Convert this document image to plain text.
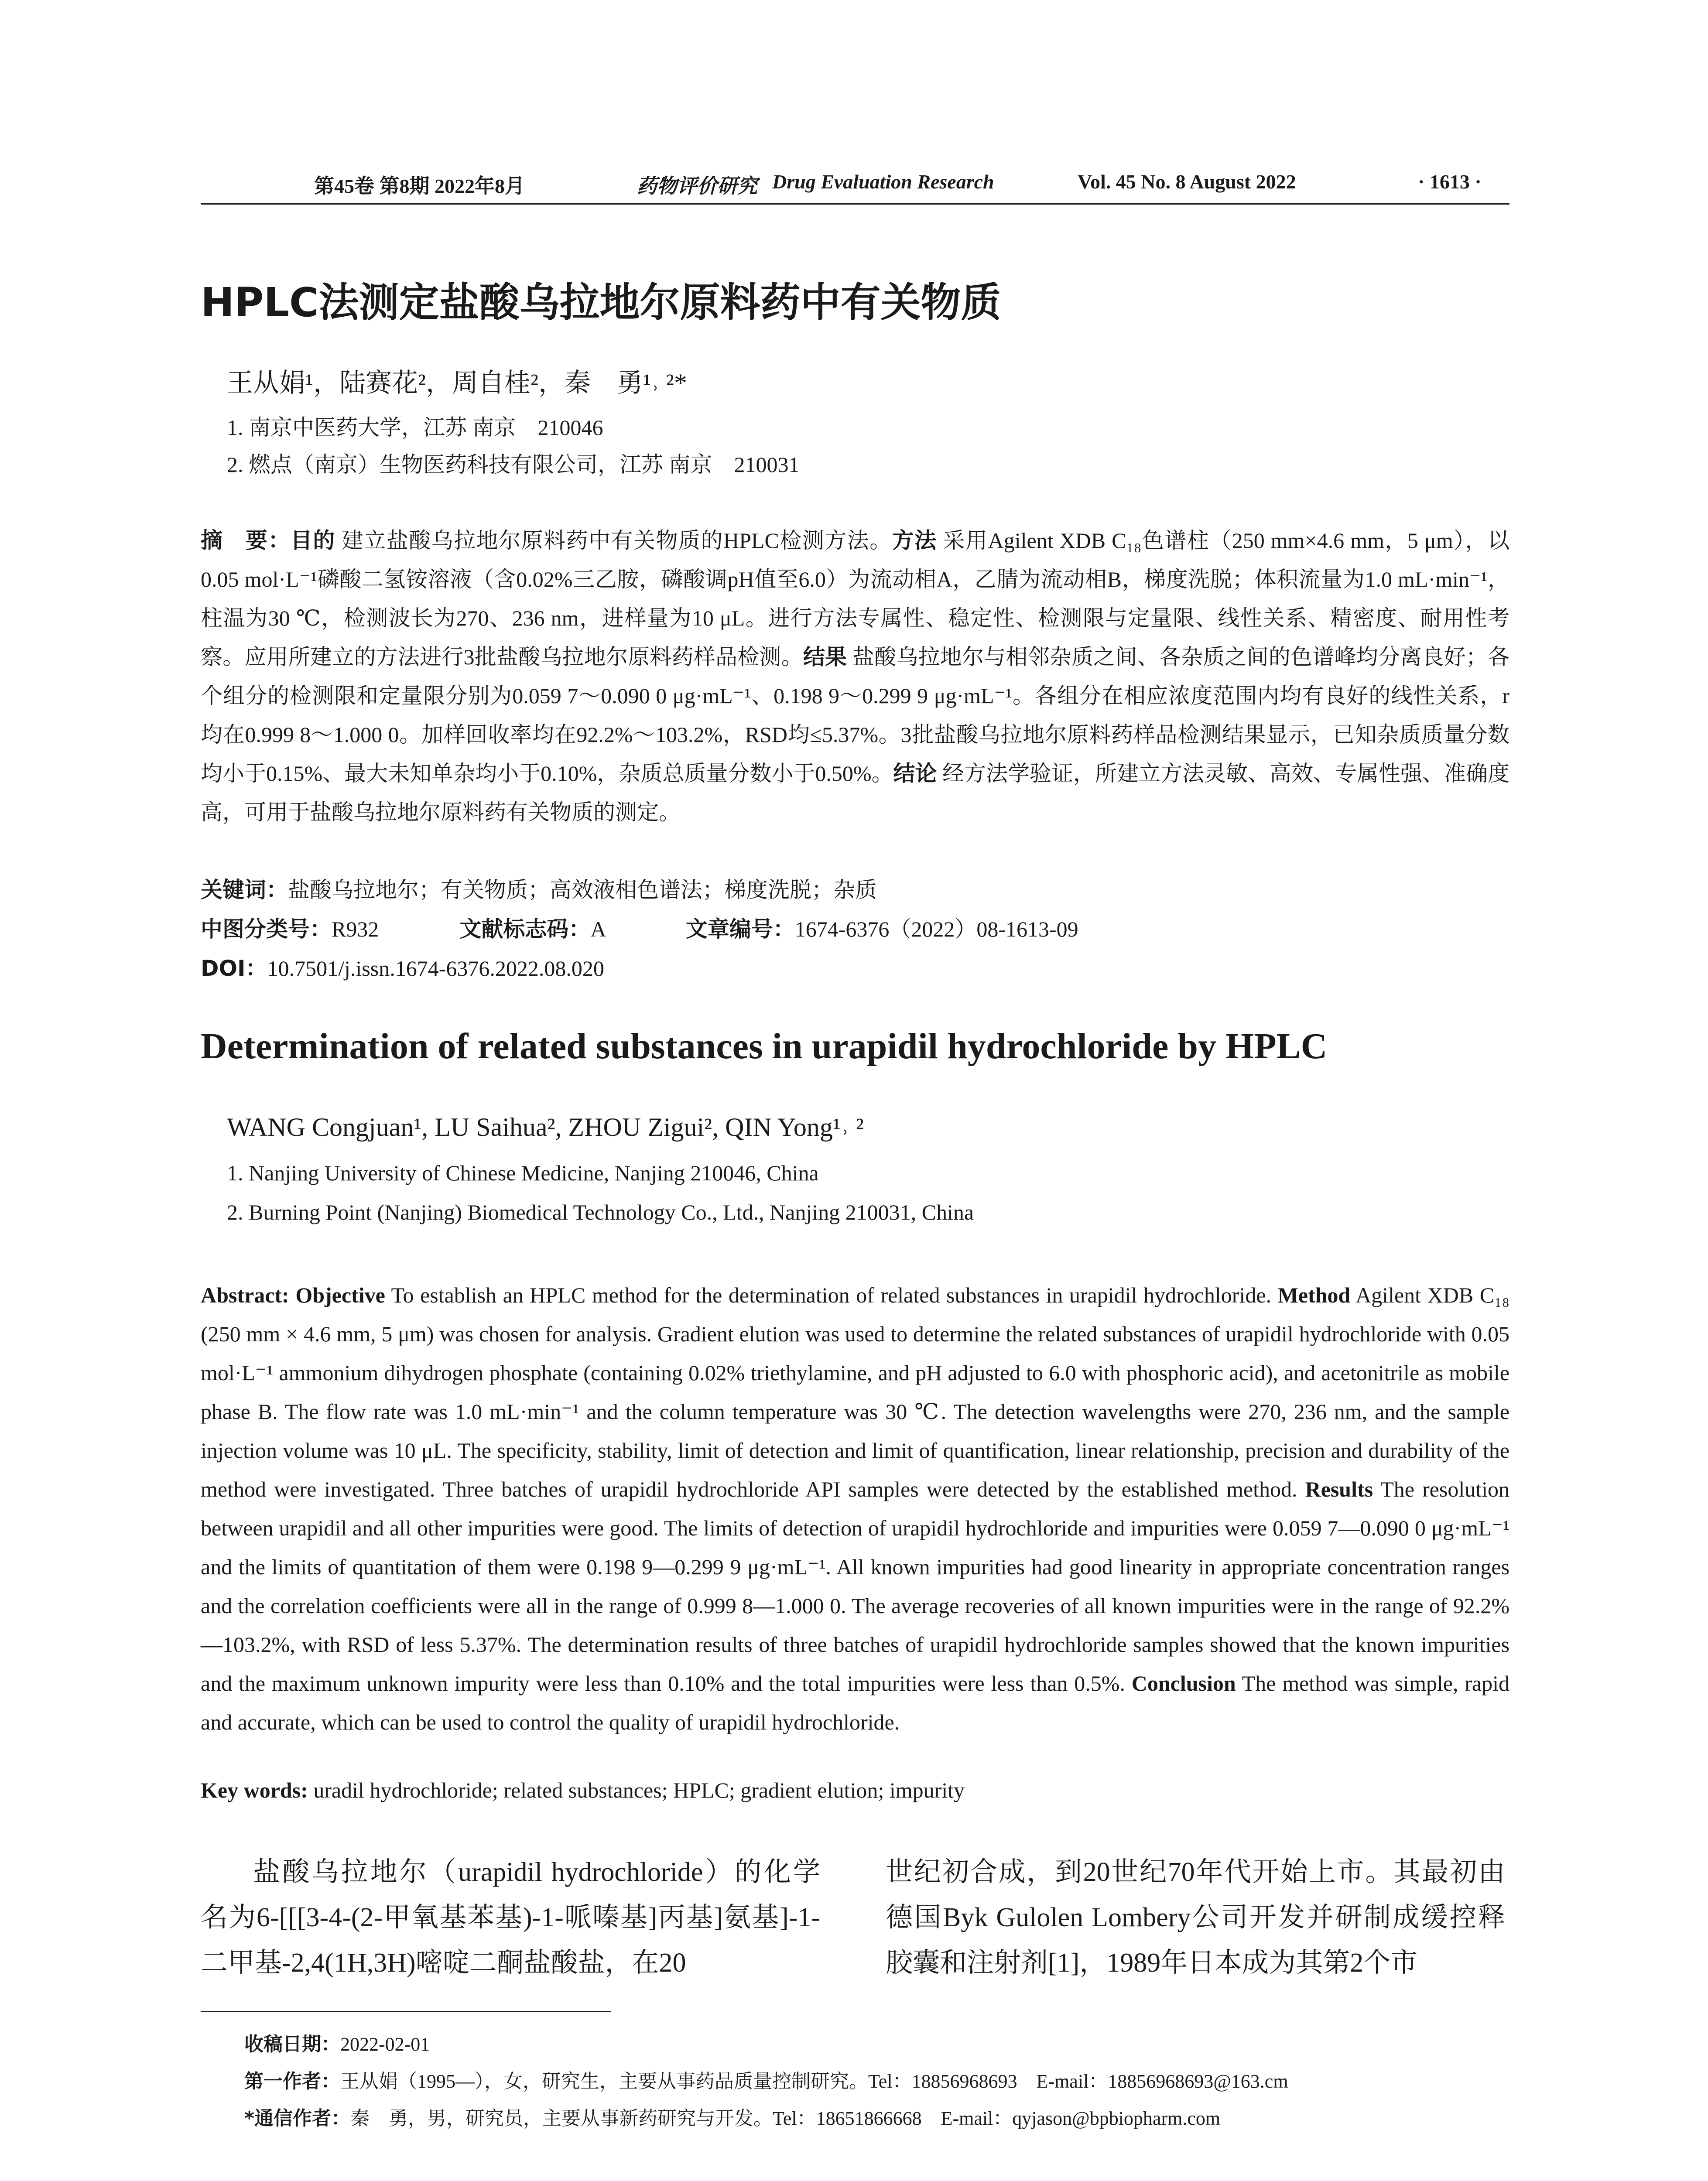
第45卷 第8期 2022年8月	药物评价研究 Drug Evaluation Research	Vol. 45 No. 8 August 2022	· 1613 ·
HPLC法测定盐酸乌拉地尔原料药中有关物质
王从娟¹，陆赛花²，周自桂²，秦　勇¹˒ ²*
1. 南京中医药大学，江苏 南京　210046
2. 燃点（南京）生物医药科技有限公司，江苏 南京　210031
摘　要：目的 建立盐酸乌拉地尔原料药中有关物质的HPLC检测方法。方法 采用Agilent XDB C₁₈色谱柱（250 mm×4.6 mm，5 μm），以0.05 mol·L⁻¹磷酸二氢铵溶液（含0.02%三乙胺，磷酸调pH值至6.0）为流动相A，乙腈为流动相B，梯度洗脱；体积流量为1.0 mL·min⁻¹，柱温为30 ℃，检测波长为270、236 nm，进样量为10 μL。进行方法专属性、稳定性、检测限与定量限、线性关系、精密度、耐用性考察。应用所建立的方法进行3批盐酸乌拉地尔原料药样品检测。结果 盐酸乌拉地尔与相邻杂质之间、各杂质之间的色谱峰均分离良好；各个组分的检测限和定量限分别为0.059 7～0.090 0 μg·mL⁻¹、0.198 9～0.299 9 μg·mL⁻¹。各组分在相应浓度范围内均有良好的线性关系，r均在0.999 8～1.000 0。加样回收率均在92.2%～103.2%，RSD均≤5.37%。3批盐酸乌拉地尔原料药样品检测结果显示，已知杂质质量分数均小于0.15%、最大未知单杂均小于0.10%，杂质总质量分数小于0.50%。结论 经方法学验证，所建立方法灵敏、高效、专属性强、准确度高，可用于盐酸乌拉地尔原料药有关物质的测定。
关键词：盐酸乌拉地尔；有关物质；高效液相色谱法；梯度洗脱；杂质
中图分类号：R932	文献标志码：A	文章编号：1674-6376（2022）08-1613-09
DOI：10.7501/j.issn.1674-6376.2022.08.020
Determination of related substances in urapidil hydrochloride by HPLC
WANG Congjuan¹, LU Saihua², ZHOU Zigui², QIN Yong¹˒ ²
1. Nanjing University of Chinese Medicine, Nanjing 210046, China
2. Burning Point (Nanjing) Biomedical Technology Co., Ltd., Nanjing 210031, China
Abstract: Objective To establish an HPLC method for the determination of related substances in urapidil hydrochloride. Method Agilent XDB C₁₈ (250 mm × 4.6 mm, 5 μm) was chosen for analysis. Gradient elution was used to determine the related substances of urapidil hydrochloride with 0.05 mol·L⁻¹ ammonium dihydrogen phosphate (containing 0.02% triethylamine, and pH adjusted to 6.0 with phosphoric acid), and acetonitrile as mobile phase B. The flow rate was 1.0 mL·min⁻¹ and the column temperature was 30 ℃. The detection wavelengths were 270, 236 nm, and the sample injection volume was 10 μL. The specificity, stability, limit of detection and limit of quantification, linear relationship, precision and durability of the method were investigated. Three batches of urapidil hydrochloride API samples were detected by the established method. Results The resolution between urapidil and all other impurities were good. The limits of detection of urapidil hydrochloride and impurities were 0.059 7—0.090 0 μg·mL⁻¹ and the limits of quantitation of them were 0.198 9—0.299 9 μg·mL⁻¹. All known impurities had good linearity in appropriate concentration ranges and the correlation coefficients were all in the range of 0.999 8—1.000 0. The average recoveries of all known impurities were in the range of 92.2%—103.2%, with RSD of less 5.37%. The determination results of three batches of urapidil hydrochloride samples showed that the known impurities and the maximum unknown impurity were less than 0.10% and the total impurities were less than 0.5%. Conclusion The method was simple, rapid and accurate, which can be used to control the quality of urapidil hydrochloride.
Key words: uradil hydrochloride; related substances; HPLC; gradient elution; impurity
盐酸乌拉地尔（urapidil hydrochloride）的化学名为6-[[[3-4-(2-甲氧基苯基)-1-哌嗪基]丙基]氨基]-1-二甲基-2,4(1H,3H)嘧啶二酮盐酸盐，在20
世纪初合成，到20世纪70年代开始上市。其最初由德国Byk Gulolen Lombery公司开发并研制成缓控释胶囊和注射剂[1]，1989年日本成为其第2个市
收稿日期：2022-02-01
第一作者：王从娟（1995—），女，研究生，主要从事药品质量控制研究。Tel：18856968693　E-mail：18856968693@163.cm
*通信作者：秦　勇，男，研究员，主要从事新药研究与开发。Tel：18651866668　E-mail：qyjason@bpbiopharm.com
